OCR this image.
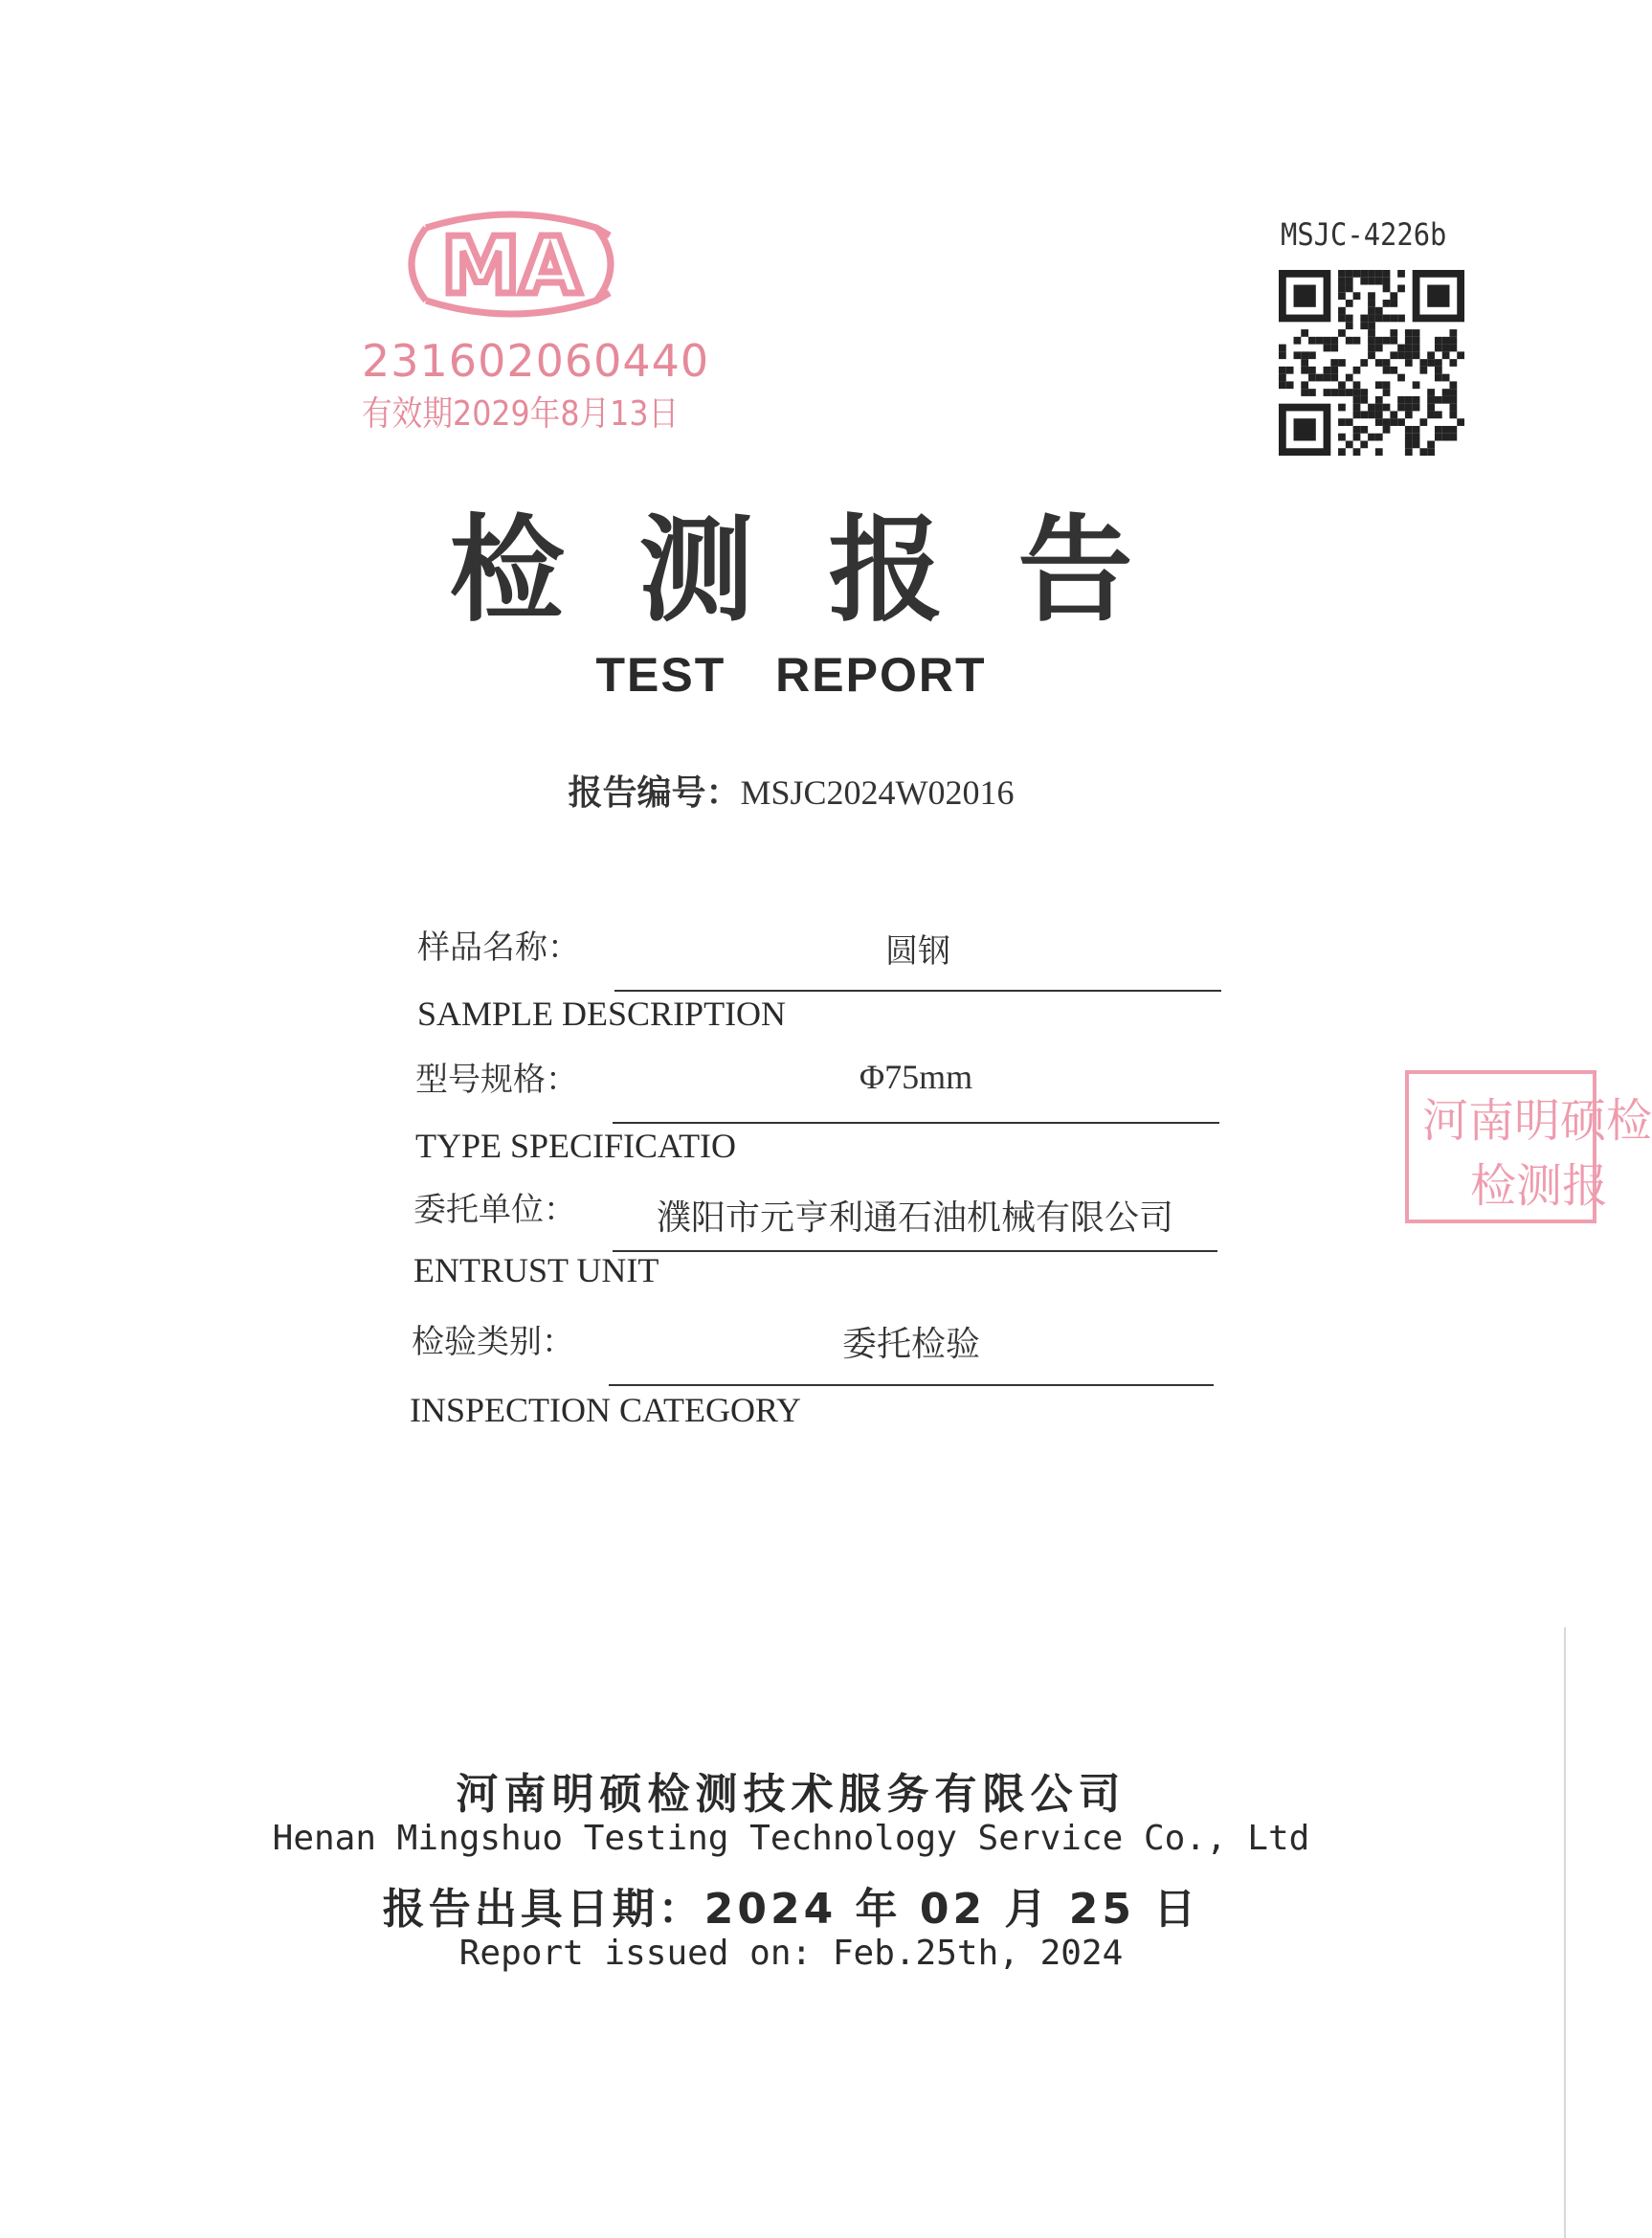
MA
231602060440
有效期2029年8月13日
MSJC-4226b
检测报告
TEST REPORT
报告编号：MSJC2024W02016
样品名称：	圆钢
SAMPLE DESCRIPTION
型号规格：	Φ75mm
TYPE SPECIFICATIO
委托单位：	濮阳市元亨利通石油机械有限公司
ENTRUST UNIT
检验类别：	委托检验
INSPECTION CATEGORY
河南明硕检
检测报
河南明硕检测技术服务有限公司
Henan Mingshuo Testing Technology Service Co., Ltd
报告出具日期：2024 年 02 月 25 日
Report issued on: Feb.25th, 2024
